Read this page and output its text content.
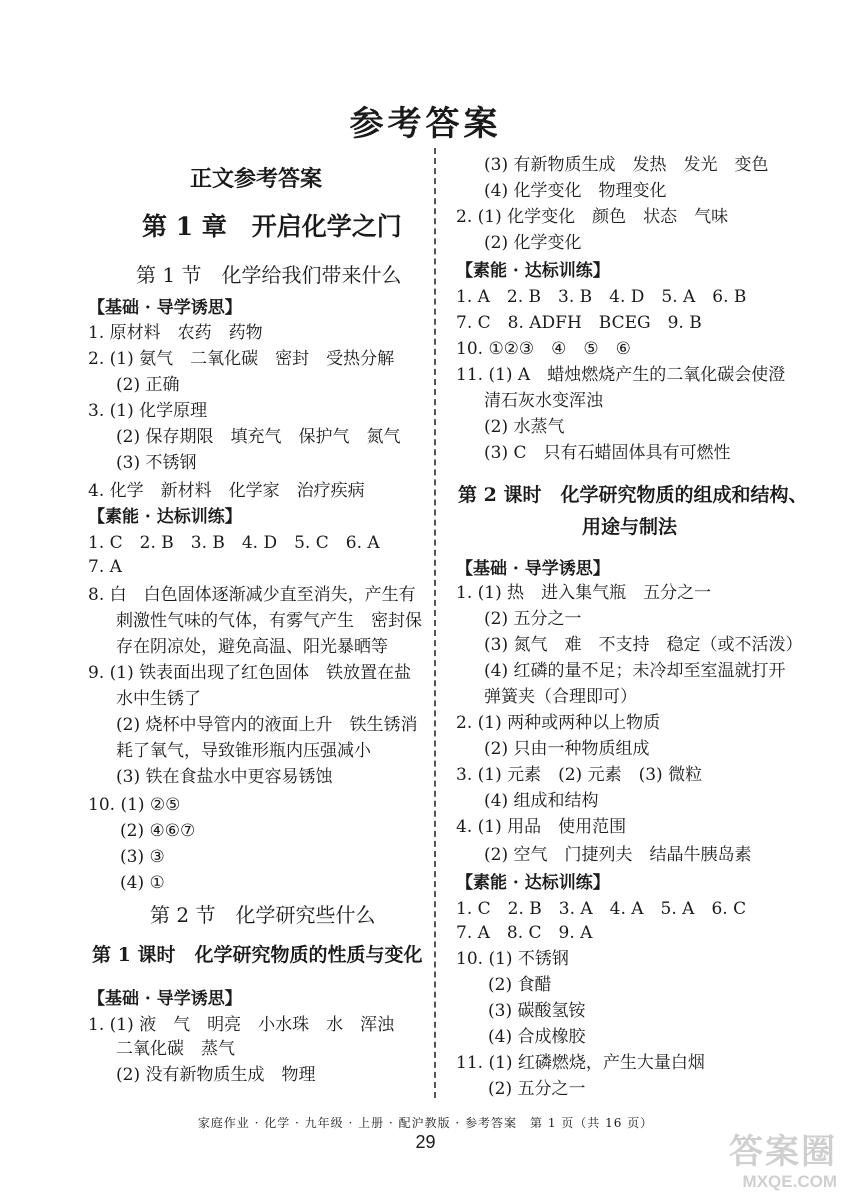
参考答案
正文参考答案
第 1 章　开启化学之门
第 1 节　化学给我们带来什么
【基础 · 导学诱思】
1. 原材料　农药　药物
2. (1) 氨气　二氧化碳　密封　受热分解
(2) 正确
3. (1) 化学原理
(2) 保存期限　填充气　保护气　氮气
(3) 不锈钢
4. 化学　新材料　化学家　治疗疾病
【素能 · 达标训练】
1. C　2. B　3. B　4. D　5. C　6. A
7. A
8. 白　白色固体逐渐减少直至消失，产生有
刺激性气味的气体，有雾气产生　密封保
存在阴凉处，避免高温、阳光暴晒等
9. (1) 铁表面出现了红色固体　铁放置在盐
水中生锈了
(2) 烧杯中导管内的液面上升　铁生锈消
耗了氧气，导致锥形瓶内压强减小
(3) 铁在食盐水中更容易锈蚀
10. (1) ②⑤
(2) ④⑥⑦
(3) ③
(4) ①
第 2 节　化学研究些什么
第 1 课时　化学研究物质的性质与变化
【基础 · 导学诱思】
1. (1) 液　气　明亮　小水珠　水　浑浊
二氧化碳　蒸气
(2) 没有新物质生成　物理
(3) 有新物质生成　发热　发光　变色
(4) 化学变化　物理变化
2. (1) 化学变化　颜色　状态　气味
(2) 化学变化
【素能 · 达标训练】
1. A　2. B　3. B　4. D　5. A　6. B
7. C　8. ADFH　BCEG　9. B
10. ①②③　④　⑤　⑥
11. (1) A　蜡烛燃烧产生的二氧化碳会使澄
清石灰水变浑浊
(2) 水蒸气
(3) C　只有石蜡固体具有可燃性
第 2 课时　化学研究物质的组成和结构、
用途与制法
【基础 · 导学诱思】
1. (1) 热　进入集气瓶　五分之一
(2) 五分之一
(3) 氮气　难　不支持　稳定（或不活泼）
(4) 红磷的量不足；未冷却至室温就打开
弹簧夹（合理即可）
2. (1) 两种或两种以上物质
(2) 只由一种物质组成
3. (1) 元素　(2) 元素　(3) 微粒
(4) 组成和结构
4. (1) 用品　使用范围
(2) 空气　门捷列夫　结晶牛胰岛素
【素能 · 达标训练】
1. C　2. B　3. A　4. A　5. A　6. C
7. A　8. C　9. A
10. (1) 不锈钢
(2) 食醋
(3) 碳酸氢铵
(4) 合成橡胶
11. (1) 红磷燃烧，产生大量白烟
(2) 五分之一
家庭作业 · 化学 · 九年级 · 上册 · 配沪教版 · 参考答案　第 1 页（共 16 页）
29	答案圈
MXQE.COM
